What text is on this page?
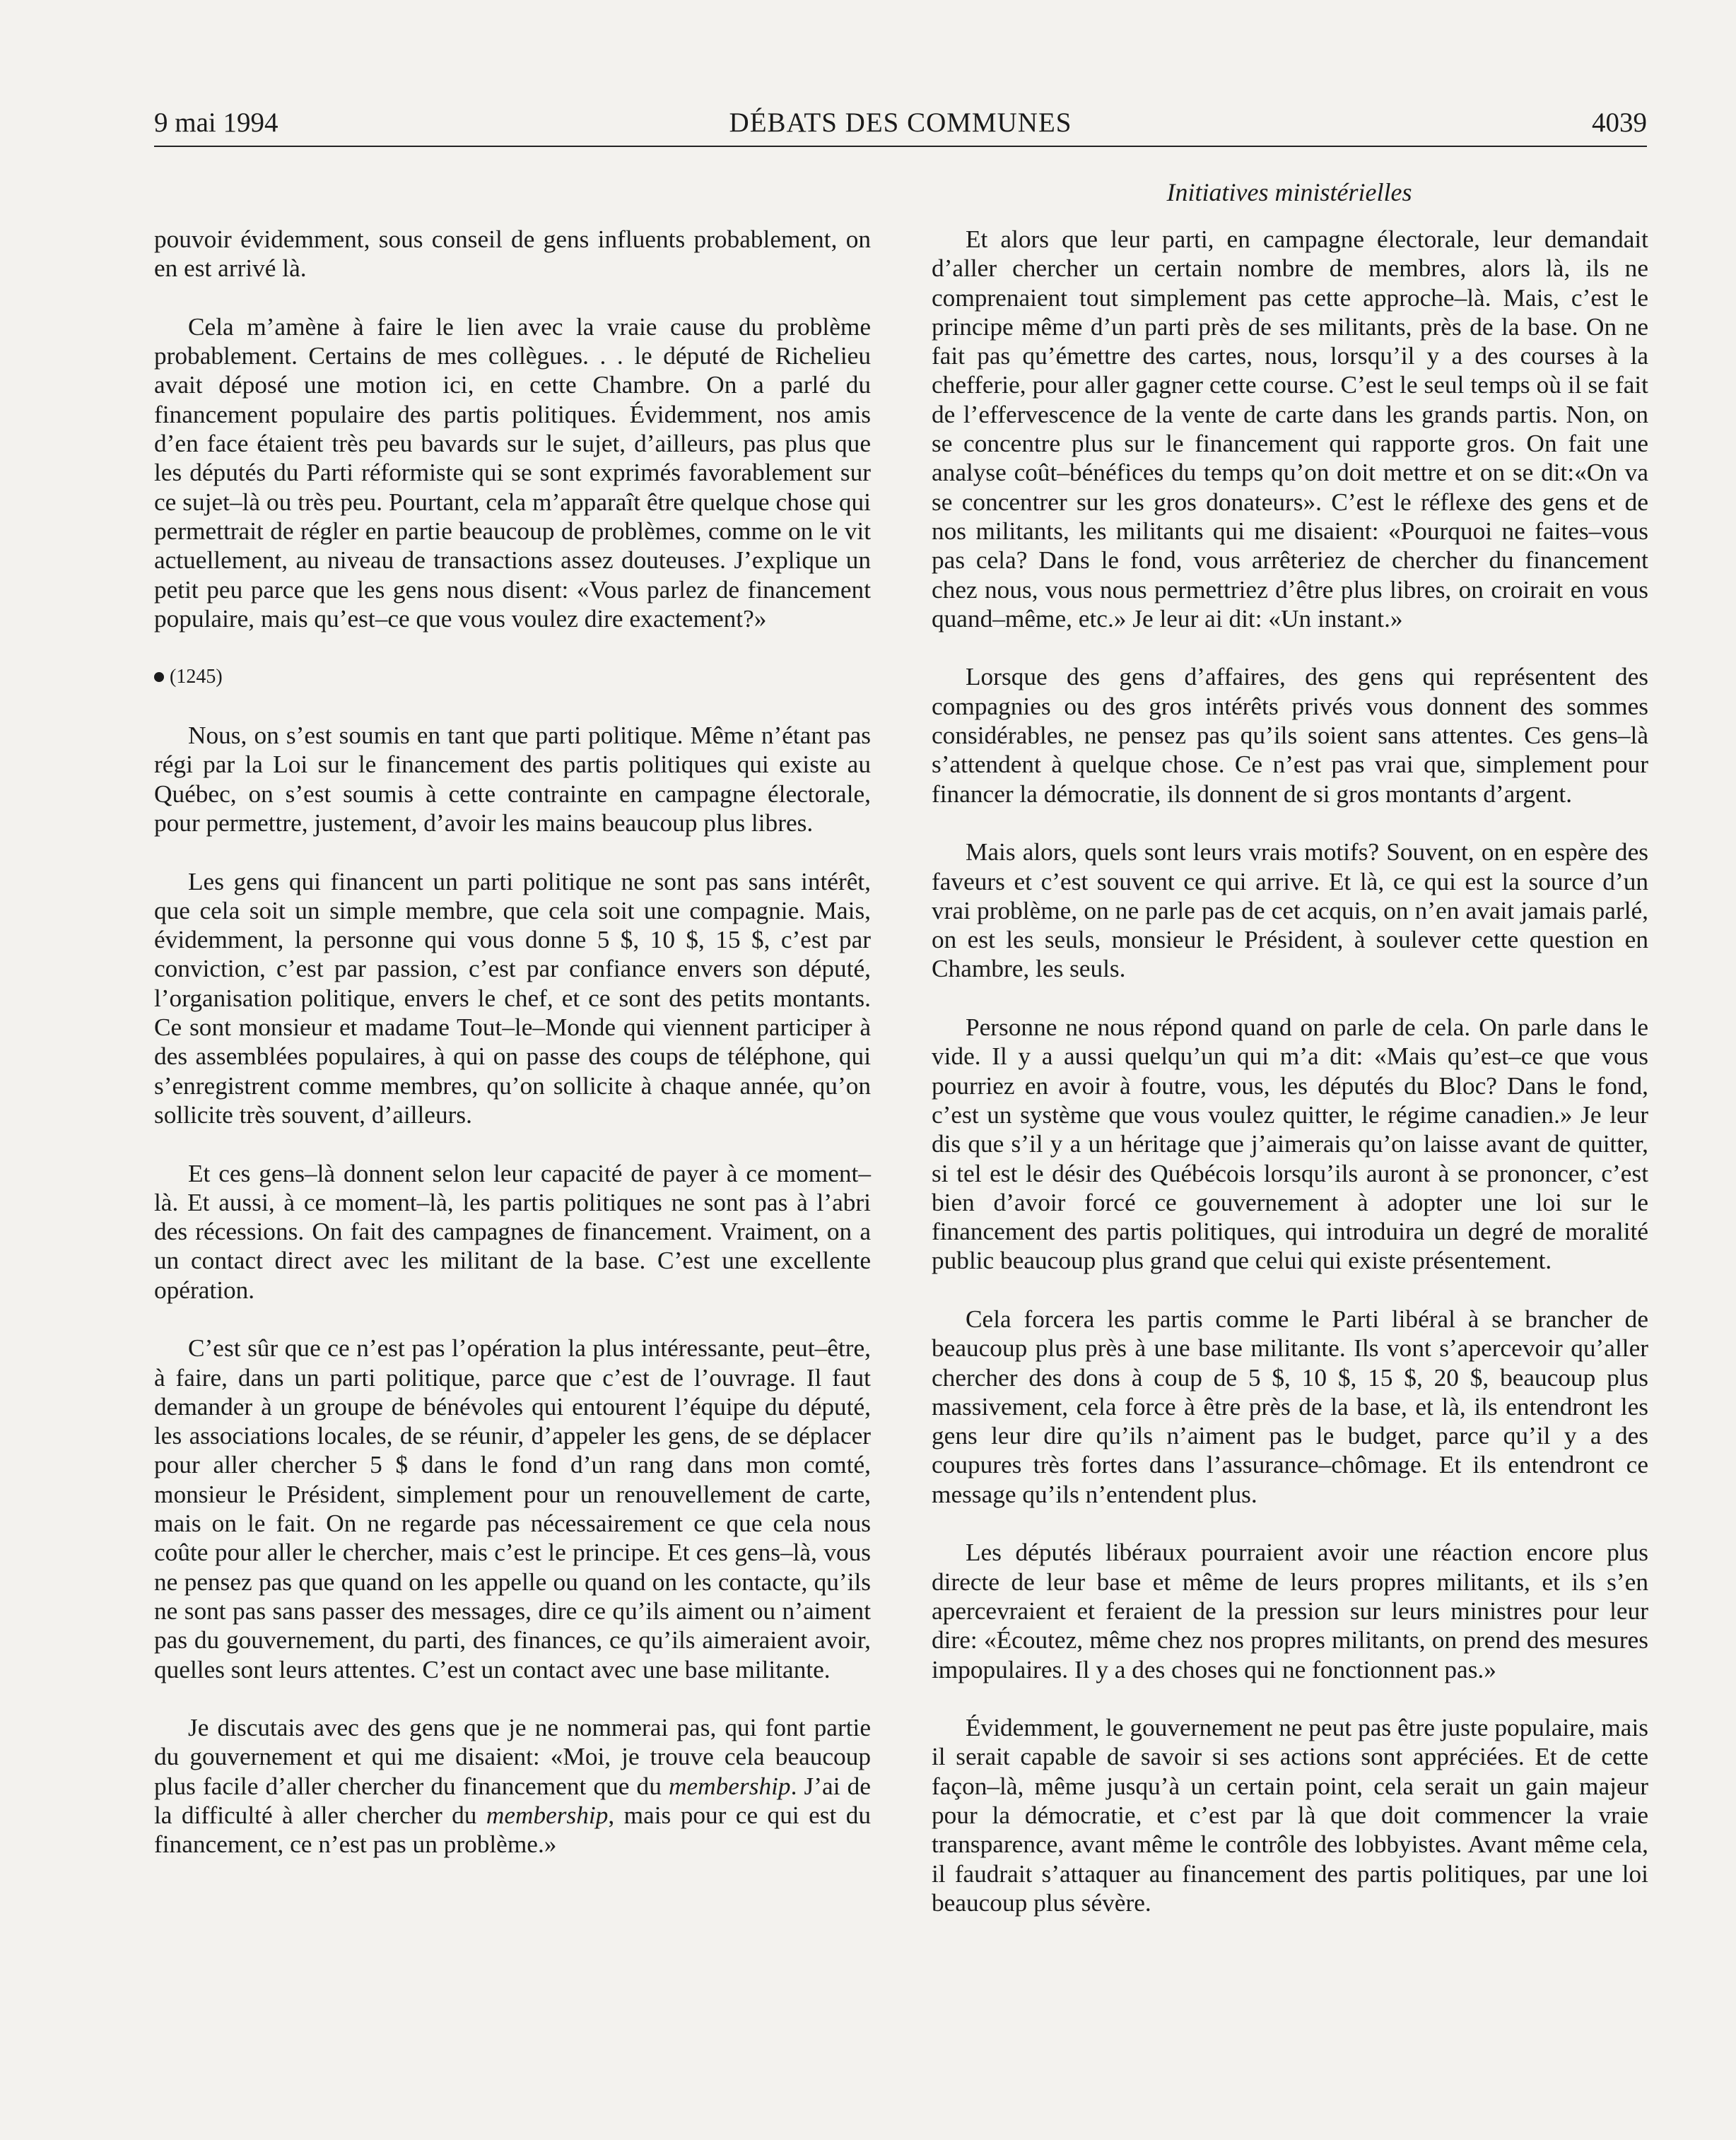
9 mai 1994	DÉBATS DES COMMUNES	4039
Initiatives ministérielles

pouvoir évidemment, sous conseil de gens influents probablement, on en est arrivé là.

Cela m’amène à faire le lien avec la vraie cause du problème probablement. Certains de mes collègues. . . le député de Richelieu avait déposé une motion ici, en cette Chambre. On a parlé du financement populaire des partis politiques. Évidemment, nos amis d’en face étaient très peu bavards sur le sujet, d’ailleurs, pas plus que les députés du Parti réformiste qui se sont exprimés favorablement sur ce sujet–là ou très peu. Pourtant, cela m’apparaît être quelque chose qui permettrait de régler en partie beaucoup de problèmes, comme on le vit actuellement, au niveau de transactions assez douteuses. J’explique un petit peu parce que les gens nous disent: «Vous parlez de financement populaire, mais qu’est–ce que vous voulez dire exactement?»

(1245)

Nous, on s’est soumis en tant que parti politique. Même n’étant pas régi par la Loi sur le financement des partis politiques qui existe au Québec, on s’est soumis à cette contrainte en campagne électorale, pour permettre, justement, d’avoir les mains beaucoup plus libres.

Les gens qui financent un parti politique ne sont pas sans intérêt, que cela soit un simple membre, que cela soit une compagnie. Mais, évidemment, la personne qui vous donne 5 $, 10 $, 15 $, c’est par conviction, c’est par passion, c’est par confiance envers son député, l’organisation politique, envers le chef, et ce sont des petits montants. Ce sont monsieur et madame Tout–le–Monde qui viennent participer à des assemblées populaires, à qui on passe des coups de téléphone, qui s’enregistrent comme membres, qu’on sollicite à chaque année, qu’on sollicite très souvent, d’ailleurs.

Et ces gens–là donnent selon leur capacité de payer à ce moment–là. Et aussi, à ce moment–là, les partis politiques ne sont pas à l’abri des récessions. On fait des campagnes de financement. Vraiment, on a un contact direct avec les militant de la base. C’est une excellente opération.

C’est sûr que ce n’est pas l’opération la plus intéressante, peut–être, à faire, dans un parti politique, parce que c’est de l’ouvrage. Il faut demander à un groupe de bénévoles qui entourent l’équipe du député, les associations locales, de se réunir, d’appeler les gens, de se déplacer pour aller chercher 5 $ dans le fond d’un rang dans mon comté, monsieur le Président, simplement pour un renouvellement de carte, mais on le fait. On ne regarde pas nécessairement ce que cela nous coûte pour aller le chercher, mais c’est le principe. Et ces gens–là, vous ne pensez pas que quand on les appelle ou quand on les contacte, qu’ils ne sont pas sans passer des messages, dire ce qu’ils aiment ou n’aiment pas du gouvernement, du parti, des finances, ce qu’ils aimeraient avoir, quelles sont leurs attentes. C’est un contact avec une base militante.

Je discutais avec des gens que je ne nommerai pas, qui font partie du gouvernement et qui me disaient: «Moi, je trouve cela beaucoup plus facile d’aller chercher du financement que du membership. J’ai de la difficulté à aller chercher du membership, mais pour ce qui est du financement, ce n’est pas un problème.»

Et alors que leur parti, en campagne électorale, leur demandait d’aller chercher un certain nombre de membres, alors là, ils ne comprenaient tout simplement pas cette approche–là. Mais, c’est le principe même d’un parti près de ses militants, près de la base. On ne fait pas qu’émettre des cartes, nous, lorsqu’il y a des courses à la chefferie, pour aller gagner cette course. C’est le seul temps où il se fait de l’effervescence de la vente de carte dans les grands partis. Non, on se concentre plus sur le financement qui rapporte gros. On fait une analyse coût–bénéfices du temps qu’on doit mettre et on se dit:«On va se concentrer sur les gros donateurs». C’est le réflexe des gens et de nos militants, les militants qui me disaient: «Pourquoi ne faites–vous pas cela? Dans le fond, vous arrêteriez de chercher du financement chez nous, vous nous permettriez d’être plus libres, on croirait en vous quand–même, etc.» Je leur ai dit: «Un instant.»

Lorsque des gens d’affaires, des gens qui représentent des compagnies ou des gros intérêts privés vous donnent des sommes considérables, ne pensez pas qu’ils soient sans attentes. Ces gens–là s’attendent à quelque chose. Ce n’est pas vrai que, simplement pour financer la démocratie, ils donnent de si gros montants d’argent.

Mais alors, quels sont leurs vrais motifs? Souvent, on en espère des faveurs et c’est souvent ce qui arrive. Et là, ce qui est la source d’un vrai problème, on ne parle pas de cet acquis, on n’en avait jamais parlé, on est les seuls, monsieur le Président, à soulever cette question en Chambre, les seuls.

Personne ne nous répond quand on parle de cela. On parle dans le vide. Il y a aussi quelqu’un qui m’a dit: «Mais qu’est–ce que vous pourriez en avoir à foutre, vous, les députés du Bloc? Dans le fond, c’est un système que vous voulez quitter, le régime canadien.» Je leur dis que s’il y a un héritage que j’aimerais qu’on laisse avant de quitter, si tel est le désir des Québécois lorsqu’ils auront à se prononcer, c’est bien d’avoir forcé ce gouvernement à adopter une loi sur le financement des partis politiques, qui introduira un degré de moralité public beaucoup plus grand que celui qui existe présentement.

Cela forcera les partis comme le Parti libéral à se brancher de beaucoup plus près à une base militante. Ils vont s’apercevoir qu’aller chercher des dons à coup de 5 $, 10 $, 15 $, 20 $, beaucoup plus massivement, cela force à être près de la base, et là, ils entendront les gens leur dire qu’ils n’aiment pas le budget, parce qu’il y a des coupures très fortes dans l’assurance–chômage. Et ils entendront ce message qu’ils n’entendent plus.

Les députés libéraux pourraient avoir une réaction encore plus directe de leur base et même de leurs propres militants, et ils s’en apercevraient et feraient de la pression sur leurs ministres pour leur dire: «Écoutez, même chez nos propres militants, on prend des mesures impopulaires. Il y a des choses qui ne fonctionnent pas.»

Évidemment, le gouvernement ne peut pas être juste populaire, mais il serait capable de savoir si ses actions sont appréciées. Et de cette façon–là, même jusqu’à un certain point, cela serait un gain majeur pour la démocratie, et c’est par là que doit commencer la vraie transparence, avant même le contrôle des lobbyistes. Avant même cela, il faudrait s’attaquer au financement des partis politiques, par une loi beaucoup plus sévère.
